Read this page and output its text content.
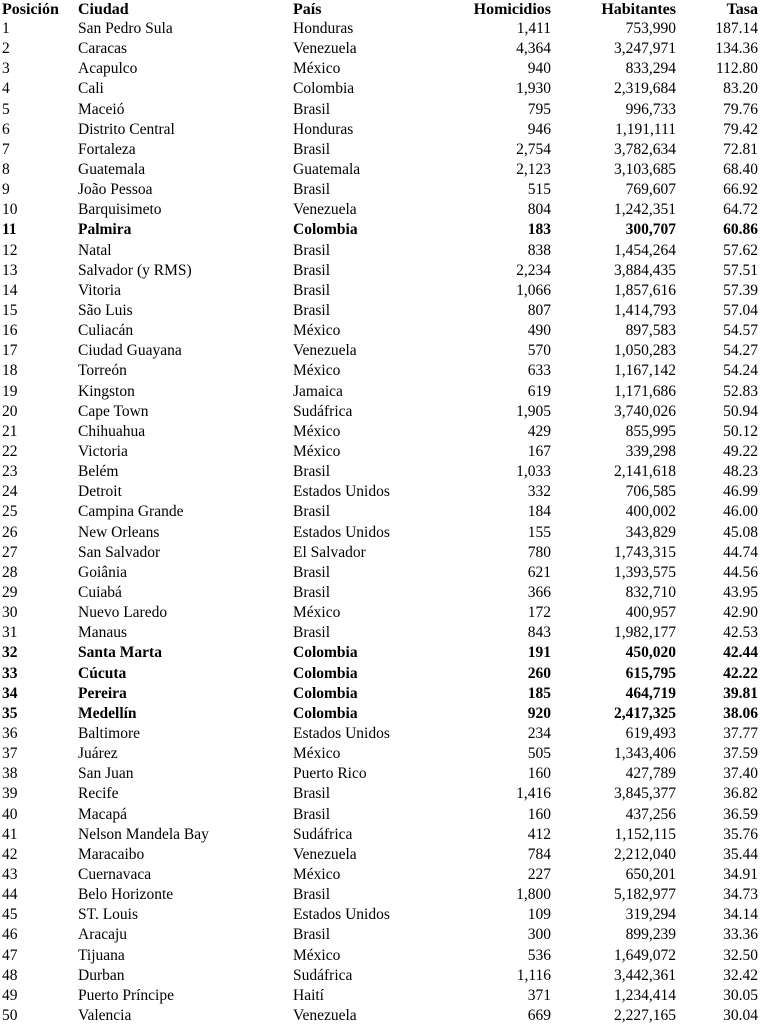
Posición	Ciudad	País	Homicidios	Habitantes	Tasa
1	San Pedro Sula	Honduras	1,411	753,990	187.14
2	Caracas	Venezuela	4,364	3,247,971	134.36
3	Acapulco	México	940	833,294	112.80
4	Cali	Colombia	1,930	2,319,684	83.20
5	Maceió	Brasil	795	996,733	79.76
6	Distrito Central	Honduras	946	1,191,111	79.42
7	Fortaleza	Brasil	2,754	3,782,634	72.81
8	Guatemala	Guatemala	2,123	3,103,685	68.40
9	João Pessoa	Brasil	515	769,607	66.92
10	Barquisimeto	Venezuela	804	1,242,351	64.72
11	Palmira	Colombia	183	300,707	60.86
12	Natal	Brasil	838	1,454,264	57.62
13	Salvador (y RMS)	Brasil	2,234	3,884,435	57.51
14	Vitoria	Brasil	1,066	1,857,616	57.39
15	São Luis	Brasil	807	1,414,793	57.04
16	Culiacán	México	490	897,583	54.57
17	Ciudad Guayana	Venezuela	570	1,050,283	54.27
18	Torreón	México	633	1,167,142	54.24
19	Kingston	Jamaica	619	1,171,686	52.83
20	Cape Town	Sudáfrica	1,905	3,740,026	50.94
21	Chihuahua	México	429	855,995	50.12
22	Victoria	México	167	339,298	49.22
23	Belém	Brasil	1,033	2,141,618	48.23
24	Detroit	Estados Unidos	332	706,585	46.99
25	Campina Grande	Brasil	184	400,002	46.00
26	New Orleans	Estados Unidos	155	343,829	45.08
27	San Salvador	El Salvador	780	1,743,315	44.74
28	Goiânia	Brasil	621	1,393,575	44.56
29	Cuiabá	Brasil	366	832,710	43.95
30	Nuevo Laredo	México	172	400,957	42.90
31	Manaus	Brasil	843	1,982,177	42.53
32	Santa Marta	Colombia	191	450,020	42.44
33	Cúcuta	Colombia	260	615,795	42.22
34	Pereira	Colombia	185	464,719	39.81
35	Medellín	Colombia	920	2,417,325	38.06
36	Baltimore	Estados Unidos	234	619,493	37.77
37	Juárez	México	505	1,343,406	37.59
38	San Juan	Puerto Rico	160	427,789	37.40
39	Recife	Brasil	1,416	3,845,377	36.82
40	Macapá	Brasil	160	437,256	36.59
41	Nelson Mandela Bay	Sudáfrica	412	1,152,115	35.76
42	Maracaibo	Venezuela	784	2,212,040	35.44
43	Cuernavaca	México	227	650,201	34.91
44	Belo Horizonte	Brasil	1,800	5,182,977	34.73
45	ST. Louis	Estados Unidos	109	319,294	34.14
46	Aracaju	Brasil	300	899,239	33.36
47	Tijuana	México	536	1,649,072	32.50
48	Durban	Sudáfrica	1,116	3,442,361	32.42
49	Puerto Príncipe	Haití	371	1,234,414	30.05
50	Valencia	Venezuela	669	2,227,165	30.04
